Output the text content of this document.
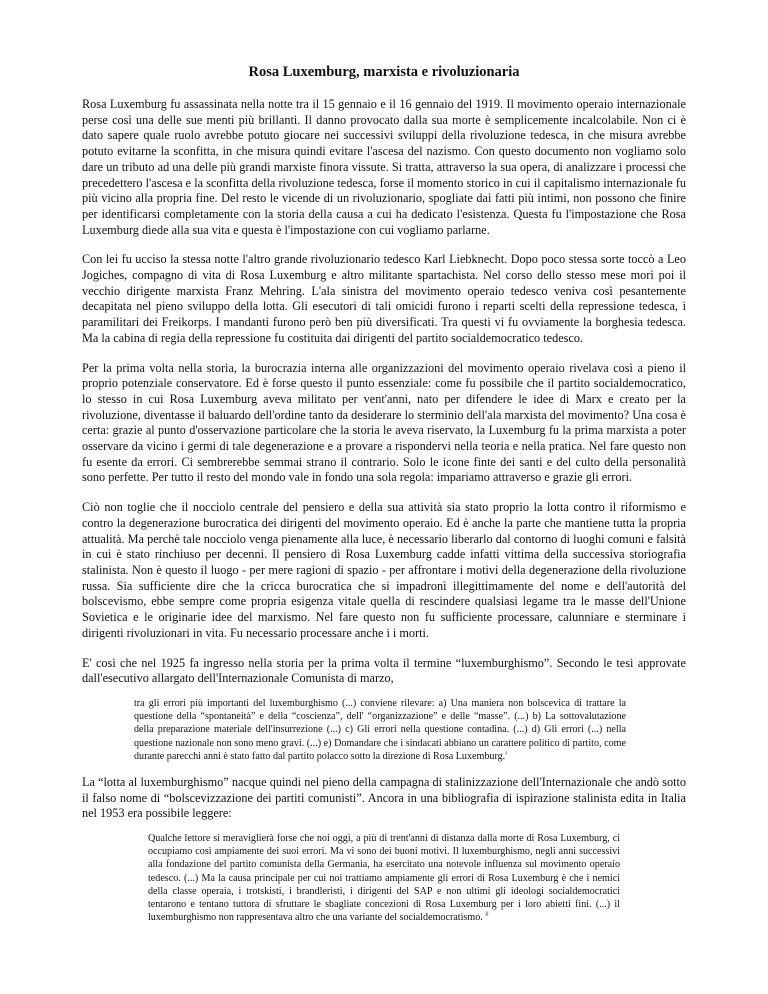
Rosa Luxemburg, marxista e rivoluzionaria

Rosa Luxemburg fu assassinata nella notte tra il 15 gennaio e il 16 gennaio del 1919. Il movimento operaio internazionale perse così una delle sue menti più brillanti. Il danno provocato dalla sua morte è semplicemente incalcolabile. Non ci è dato sapere quale ruolo avrebbe potuto giocare nei successivi sviluppi della rivoluzione tedesca, in che misura avrebbe potuto evitarne la sconfitta, in che misura quindi evitare l'ascesa del nazismo. Con questo documento non vogliamo solo dare un tributo ad una delle più grandi marxiste finora vissute. Si tratta, attraverso la sua opera, di analizzare i processi che precedettero l'ascesa e la sconfitta della rivoluzione tedesca, forse il momento storico in cui il capitalismo internazionale fu più vicino alla propria fine. Del resto le vicende di un rivoluzionario, spogliate dai fatti più intimi, non possono che finire per identificarsi completamente con la storia della causa a cui ha dedicato l'esistenza. Questa fu l'impostazione che Rosa Luxemburg diede alla sua vita e questa è l'impostazione con cui vogliamo parlarne.

Con lei fu ucciso la stessa notte l'altro grande rivoluzionario tedesco Karl Liebknecht. Dopo poco stessa sorte toccò a Leo Jogiches, compagno di vita di Rosa Luxemburg e altro militante spartachista. Nel corso dello stesso mese morì poi il vecchio dirigente marxista Franz Mehring. L'ala sinistra del movimento operaio tedesco veniva così pesantemente decapitata nel pieno sviluppo della lotta. Gli esecutori di tali omicidi furono i reparti scelti della repressione tedesca, i paramilitari dei Freikorps. I mandanti furono però ben più diversificati. Tra questi vi fu ovviamente la borghesia tedesca. Ma la cabina di regia della repressione fu costituita dai dirigenti del partito socialdemocratico tedesco.

Per la prima volta nella storia, la burocrazia interna alle organizzazioni del movimento operaio rivelava così a pieno il proprio potenziale conservatore. Ed è forse questo il punto essenziale: come fu possibile che il partito socialdemocratico, lo stesso in cui Rosa Luxemburg aveva militato per vent'anni, nato per difendere le idee di Marx e creato per la rivoluzione, diventasse il baluardo dell'ordine tanto da desiderare lo sterminio dell'ala marxista del movimento? Una cosa è certa: grazie al punto d'osservazione particolare che la storia le aveva riservato, la Luxemburg fu la prima marxista a poter osservare da vicino i germi di tale degenerazione e a provare a rispondervi nella teoria e nella pratica. Nel fare questo non fu esente da errori. Ci sembrerebbe semmai strano il contrario. Solo le icone finte dei santi e del culto della personalità sono perfette. Per tutto il resto del mondo vale in fondo una sola regola: impariamo attraverso e grazie gli errori.

Ciò non toglie che il nocciolo centrale del pensiero e della sua attività sia stato proprio la lotta contro il riformismo e contro la degenerazione burocratica dei dirigenti del movimento operaio. Ed è anche la parte che mantiene tutta la propria attualità. Ma perchè tale nocciolo venga pienamente alla luce, è necessario liberarlo dal contorno di luoghi comuni e falsità in cui è stato rinchiuso per decenni. Il pensiero di Rosa Luxemburg cadde infatti vittima della successiva storiografia stalinista. Non è questo il luogo - per mere ragioni di spazio - per affrontare i motivi della degenerazione della rivoluzione russa. Sia sufficiente dire che la cricca burocratica che si impadronì illegittimamente del nome e dell'autorità del bolscevismo, ebbe sempre come propria esigenza vitale quella di rescindere qualsiasi legame tra le masse dell'Unione Sovietica e le originarie idee del marxismo. Nel fare questo non fu sufficiente processare, calunniare e sterminare i dirigenti rivoluzionari in vita. Fu necessario processare anche i i morti.

E' così che nel 1925 fa ingresso nella storia per la prima volta il termine “luxemburghismo”. Secondo le tesi approvate dall'esecutivo allargato dell'Internazionale Comunista di marzo,

tra gli errori più importanti del luxemburghismo (...) conviene rilevare: a) Una maniera non bolscevica di trattare la questione della “spontaneità” e della “coscienza”, dell' “organizzazione” e delle “masse”. (...) b) La sottovalutazione della preparazione materiale dell'insurrezione (...) c) Gli errori nella questione contadina. (...) d) Gli errori (...) nella questione nazionale non sono meno gravi. (...) e) Domandare che i sindacati abbiano un carattere politico di partito, come durante parecchi anni è stato fatto dal partito polacco sotto la direzione di Rosa Luxemburg.$^i$

La “lotta al luxemburghismo” nacque quindi nel pieno della campagna di stalinizzazione dell'Internazionale che andò sotto il falso nome di “bolscevizzazione dei partiti comunisti”. Ancora in una bibliografia di ispirazione stalinista edita in Italia nel 1953 era possibile leggere:

Qualche lettore si meraviglierà forse che noi oggi, a più di trent'anni di distanza dalla morte di Rosa Luxemburg, ci occupiamo così ampiamente dei suoi errori. Ma vi sono dei buoni motivi. Il luxemburghismo, negli anni successivi alla fondazione del partito comunista della Germania, ha esercitato una notevole influenza sul movimento operaio tedesco. (...) Ma la causa principale per cui noi trattiamo ampiamente gli errori di Rosa Luxemburg è che i nemici della classe operaia, i trotskisti, i brandleristi, i dirigenti del SAP e non ultimi gli ideologi socialdemocratici tentarono e tentano tuttora di sfruttare le sbagliate concezioni di Rosa Luxemburg per i loro abietti fini. (...) il luxemburghismo non rappresentava altro che una variante del socialdemocratismo. $^{ii}$
